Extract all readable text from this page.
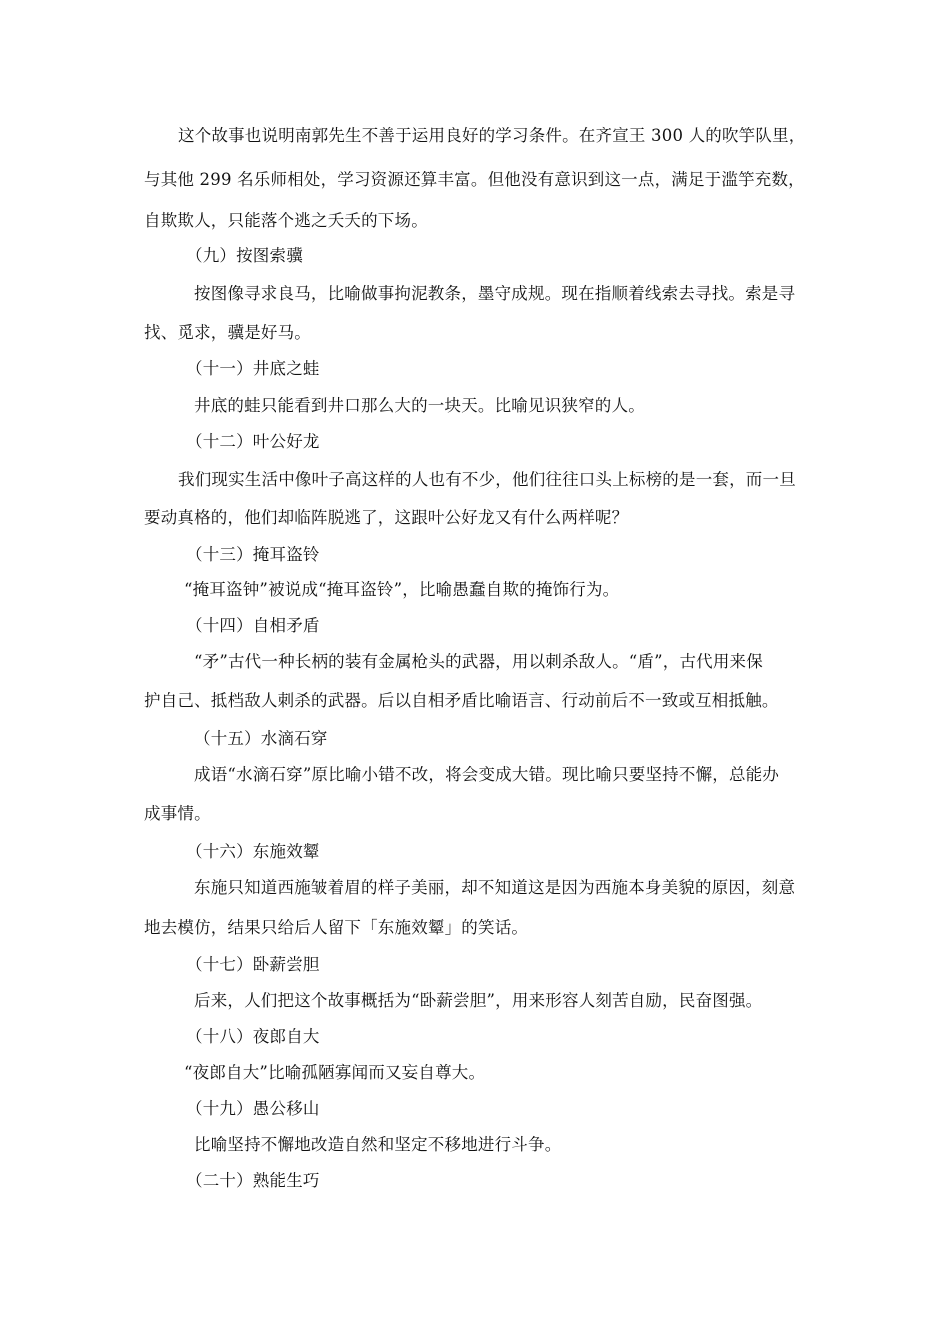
这个故事也说明南郭先生不善于运用良好的学习条件。在齐宣王 300 人的吹竽队里，
与其他 299 名乐师相处，学习资源还算丰富。但他没有意识到这一点，满足于滥竽充数，
自欺欺人，只能落个逃之夭夭的下场。
（九）按图索骥
按图像寻求良马，比喻做事拘泥教条，墨守成规。现在指顺着线索去寻找。索是寻
找、觅求，骥是好马。
（十一）井底之蛙
井底的蛙只能看到井口那么大的一块天。比喻见识狭窄的人。
（十二）叶公好龙
我们现实生活中像叶子高这样的人也有不少，他们往往口头上标榜的是一套，而一旦
要动真格的，他们却临阵脱逃了，这跟叶公好龙又有什么两样呢？
（十三）掩耳盗铃
“掩耳盗钟”被说成“掩耳盗铃”，比喻愚蠢自欺的掩饰行为。
（十四）自相矛盾
“矛”古代一种长柄的装有金属枪头的武器，用以刺杀敌人。“盾”，古代用来保
护自己、抵档敌人刺杀的武器。后以自相矛盾比喻语言、行动前后不一致或互相抵触。
（十五）水滴石穿
成语“水滴石穿”原比喻小错不改，将会变成大错。现比喻只要坚持不懈，总能办
成事情。
（十六）东施效颦
东施只知道西施皱着眉的样子美丽，却不知道这是因为西施本身美貌的原因，刻意
地去模仿，结果只给后人留下「东施效颦」的笑话。
（十七）卧薪尝胆
后来，人们把这个故事概括为“卧薪尝胆”，用来形容人刻苦自励，民奋图强。
（十八）夜郎自大
“夜郎自大”比喻孤陋寡闻而又妄自尊大。
（十九）愚公移山
比喻坚持不懈地改造自然和坚定不移地进行斗争。
（二十）熟能生巧
